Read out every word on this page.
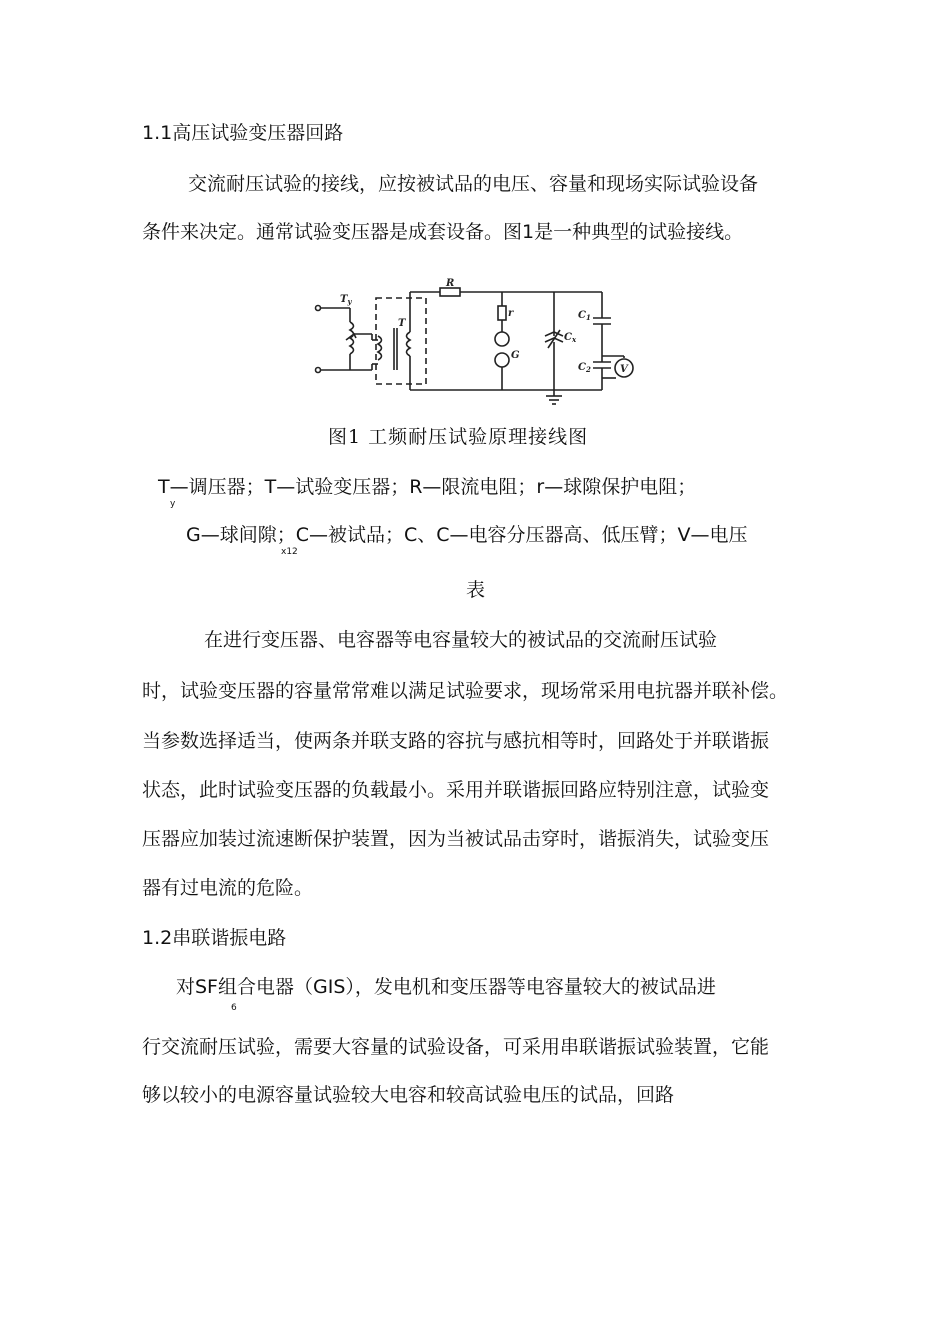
1.1高压试验变压器回路
交流耐压试验的接线，应按被试品的电压、容量和现场实际试验设备
条件来决定。通常试验变压器是成套设备。图1是一种典型的试验接线。
R
$T_y$
T
r
G
$C_x$
$C_1$
$C_2$	V
图1 工频耐压试验原理接线图
T—调压器；T—试验变压器；R—限流电阻；r—球隙保护电阻；
y
G—球间隙；C—被试品；C、C—电容分压器高、低压臂；V—电压
x12
表
在进行变压器、电容器等电容量较大的被试品的交流耐压试验
时，试验变压器的容量常常难以满足试验要求，现场常采用电抗器并联补偿。
当参数选择适当，使两条并联支路的容抗与感抗相等时，回路处于并联谐振
状态，此时试验变压器的负载最小。采用并联谐振回路应特别注意，试验变
压器应加装过流速断保护装置，因为当被试品击穿时，谐振消失，试验变压
器有过电流的危险。
1.2串联谐振电路
对SF组合电器（GIS），发电机和变压器等电容量较大的被试品进
6
行交流耐压试验，需要大容量的试验设备，可采用串联谐振试验装置，它能
够以较小的电源容量试验较大电容和较高试验电压的试品，回路
